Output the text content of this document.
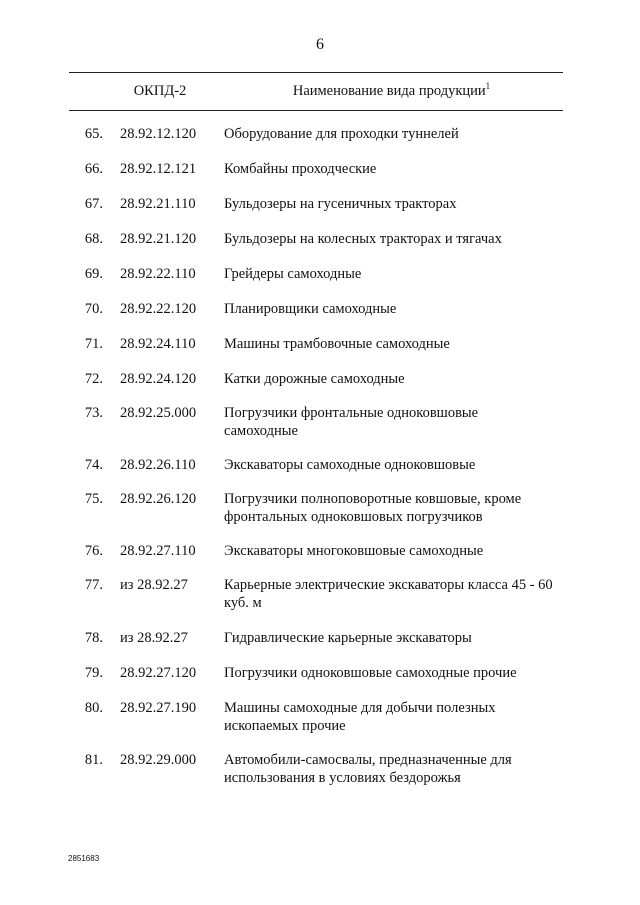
6
ОКПД-2	Наименование вида продукции$^1$
65. 28.92.12.120	Оборудование для проходки туннелей
66. 28.92.12.121	Комбайны проходческие
67. 28.92.21.110	Бульдозеры на гусеничных тракторах
68. 28.92.21.120	Бульдозеры на колесных тракторах и тягачах
69. 28.92.22.110	Грейдеры самоходные
70. 28.92.22.120	Планировщики самоходные
71. 28.92.24.110	Машины трамбовочные самоходные
72. 28.92.24.120	Катки дорожные самоходные
73. 28.92.25.000	Погрузчики фронтальные одноковшовые самоходные
74. 28.92.26.110	Экскаваторы самоходные одноковшовые
75. 28.92.26.120	Погрузчики полноповоротные ковшовые, кроме фронтальных одноковшовых погрузчиков
76. 28.92.27.110	Экскаваторы многоковшовые самоходные
77. из 28.92.27	Карьерные электрические экскаваторы класса 45 - 60 куб. м
78. из 28.92.27	Гидравлические карьерные экскаваторы
79. 28.92.27.120	Погрузчики одноковшовые самоходные прочие
80. 28.92.27.190	Машины самоходные для добычи полезных ископаемых прочие
81. 28.92.29.000	Автомобили-самосвалы, предназначенные для использования в условиях бездорожья
2851683
